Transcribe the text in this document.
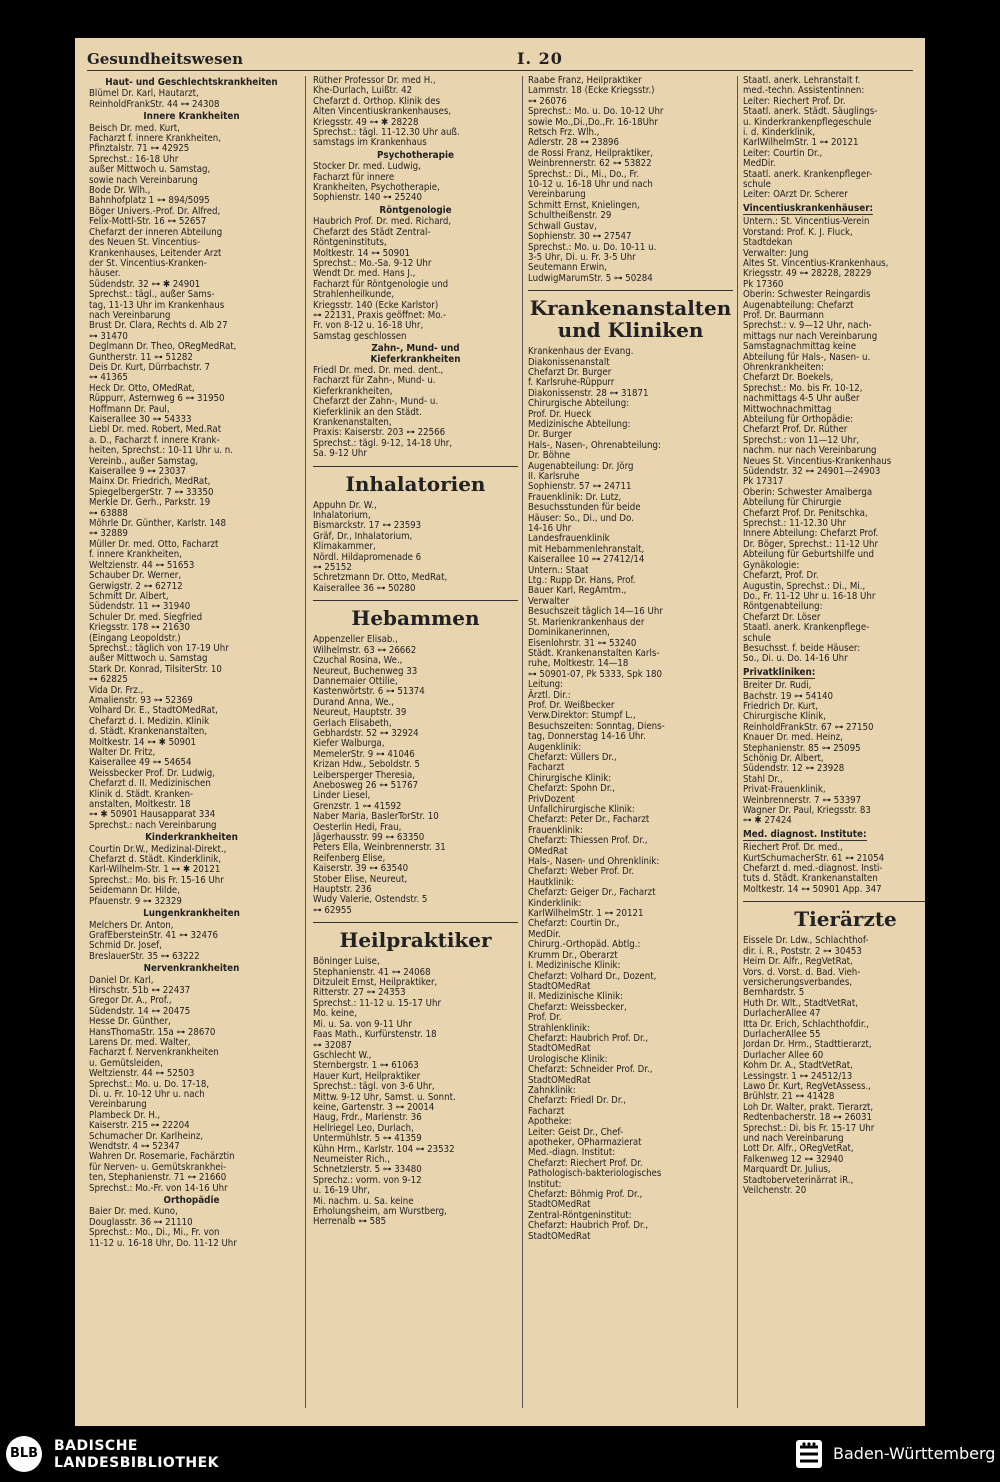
Gesundheitswesen	I. 20
Haut- und Geschlechtskrankheiten
Blümel Dr. Karl, Hautarzt,
ReinholdFrankStr. 44 ⊶ 24308
Innere Krankheiten
Beisch Dr. med. Kurt,
Facharzt f. innere Krankheiten,
Pfinztalstr. 71 ⊶ 42925
Sprechst.: 16-18 Uhr
außer Mittwoch u. Samstag,
sowie nach Vereinbarung
Bode Dr. Wlh.,
Bahnhofplatz 1 ⊶ 894/5095
Böger Univers.-Prof. Dr. Alfred,
Felix-Mottl-Str. 16 ⊶ 52657
Chefarzt der inneren Abteilung
des Neuen St. Vincentius-
Krankenhauses, Leitender Arzt
der St. Vincentius-Kranken-
häuser.
Südendstr. 32 ⊶ ✱ 24901
Sprechst.: tägl., außer Sams-
tag, 11-13 Uhr im Krankenhaus
nach Vereinbarung
Brust Dr. Clara, Rechts d. Alb 27
⊶ 31470
Deglmann Dr. Theo, ORegMedRat,
Guntherstr. 11 ⊶ 51282
Deis Dr. Kurt, Dürrbachstr. 7
⊶ 41365
Heck Dr. Otto, OMedRat,
Rüppurr, Asternweg 6 ⊶ 31950
Hoffmann Dr. Paul,
Kaiserallee 30 ⊶ 54333
Liebl Dr. med. Robert, Med.Rat
a. D., Facharzt f. innere Krank-
heiten, Sprechst.: 10-11 Uhr u. n.
Vereinb., außer Samstag,
Kaiserallee 9 ⊶ 23037
Mainx Dr. Friedrich, MedRat,
SpiegelbergerStr. 7 ⊶ 33350
Merkle Dr. Gerh., Parkstr. 19
⊶ 63888
Möhrle Dr. Günther, Karlstr. 148
⊶ 32889
Müller Dr. med. Otto, Facharzt
f. innere Krankheiten,
Weltzienstr. 44 ⊶ 51653
Schauber Dr. Werner,
Gerwigstr. 2 ⊶ 62712
Schmitt Dr. Albert,
Südendstr. 11 ⊶ 31940
Schuler Dr. med. Siegfried
Kriegsstr. 178 ⊶ 21630
(Eingang Leopoldstr.)
Sprechst.: täglich von 17-19 Uhr
außer Mittwoch u. Samstag
Stark Dr. Konrad, TilsiterStr. 10
⊶ 62825
Vida Dr. Frz.,
Amalienstr. 93 ⊶ 52369
Volhard Dr. E., StadtOMedRat,
Chefarzt d. I. Medizin. Klinik
d. Städt. Krankenanstalten,
Moltkestr. 14 ⊶ ✱ 50901
Walter Dr. Fritz,
Kaiserallee 49 ⊶ 54654
Weissbecker Prof. Dr. Ludwig,
Chefarzt d. II. Medizinischen
Klinik d. Städt. Kranken-
anstalten, Moltkestr. 18
⊶ ✱ 50901 Hausapparat 334
Sprechst.: nach Vereinbarung
Kinderkrankheiten
Courtin Dr.W., Medizinal-Direkt.,
Chefarzt d. Städt. Kinderklinik,
Karl-Wilhelm-Str. 1 ⊶ ✱ 20121
Sprechst.: Mo. bis Fr. 15-16 Uhr
Seidemann Dr. Hilde,
Pfauenstr. 9 ⊶ 32329
Lungenkrankheiten
Melchers Dr. Anton,
GrafEbersteinStr. 41 ⊶ 32476
Schmid Dr. Josef,
BreslauerStr. 35 ⊶ 63222
Nervenkrankheiten
Daniel Dr. Karl,
Hirschstr. 51b ⊶ 22437
Gregor Dr. A., Prof.,
Südendstr. 14 ⊶ 20475
Hesse Dr. Günther,
HansThomaStr. 15a ⊶ 28670
Larens Dr. med. Walter,
Facharzt f. Nervenkrankheiten
u. Gemütsleiden,
Weltzienstr. 44 ⊶ 52503
Sprechst.: Mo. u. Do. 17-18,
Di. u. Fr. 10-12 Uhr u. nach
Vereinbarung
Plambeck Dr. H.,
Kaiserstr. 215 ⊶ 22204
Schumacher Dr. Karlheinz,
Wendtstr. 4 ⊶ 52347
Wahren Dr. Rosemarie, Fachärztin
für Nerven- u. Gemütskrankhei-
ten, Stephanienstr. 71 ⊶ 21660
Sprechst.: Mo.-Fr. von 14-16 Uhr
Orthopädie
Baier Dr. med. Kuno,
Douglasstr. 36 ⊶ 21110
Sprechst.: Mo., Di., Mi., Fr. von
11-12 u. 16-18 Uhr, Do. 11-12 Uhr
Rüther Professor Dr. med H.,
Khe-Durlach, Luißtr. 42
Chefarzt d. Orthop. Klinik des
Alten Vincentiuskrankenhauses,
Kriegsstr. 49 ⊶ ✱ 28228
Sprechst.: tägl. 11-12.30 Uhr auß.
samstags im Krankenhaus
Psychotherapie
Stocker Dr. med. Ludwig,
Facharzt für innere
Krankheiten, Psychotherapie,
Sophienstr. 140 ⊶ 25240
Röntgenologie
Haubrich Prof. Dr. med. Richard,
Chefarzt des Städt Zentral-
Röntgeninstituts,
Moltkestr. 14 ⊶ 50901
Sprechst.: Mo.-Sa. 9-12 Uhr
Wendt Dr. med. Hans J.,
Facharzt für Röntgenologie und
Strahlenheilkunde,
Kriegsstr. 140 (Ecke Karlstor)
⊶ 22131, Praxis geöffnet: Mo.-
Fr. von 8-12 u. 16-18 Uhr,
Samstag geschlossen
Zahn-, Mund- und
Kieferkrankheiten
Friedl Dr. med. Dr. med. dent.,
Facharzt für Zahn-, Mund- u.
Kieferkrankheiten,
Chefarzt der Zahn-, Mund- u.
Kieferklinik an den Städt.
Krankenanstalten,
Praxis: Kaiserstr. 203 ⊶ 22566
Sprechst.: tägl. 9-12, 14-18 Uhr,
Sa. 9-12 Uhr
Inhalatorien
Appuhn Dr. W.,
Inhalatorium,
Bismarckstr. 17 ⊶ 23593
Gräf, Dr., Inhalatorium,
Klimakammer,
Nördl. Hildapromenade 6
⊶ 25152
Schretzmann Dr. Otto, MedRat,
Kaiserallee 36 ⊶ 50280
Hebammen
Appenzeller Elisab.,
Wilhelmstr. 63 ⊶ 26662
Czuchal Rosina, We.,
Neureut, Buchenweg 33
Dannemaier Ottilie,
Kastenwörtstr. 6 ⊶ 51374
Durand Anna, We.,
Neureut, Hauptstr. 39
Gerlach Elisabeth,
Gebhardstr. 52 ⊶ 32924
Kiefer Walburga,
MemelerStr. 9 ⊶ 41046
Krizan Hdw., Seboldstr. 5
Leibersperger Theresia,
Anebosweg 26 ⊶ 51767
Linder Liesel,
Grenzstr. 1 ⊶ 41592
Naber Maria, BaslerTorStr. 10
Oesterlin Hedi, Frau,
Jägerhausstr. 99 ⊶ 63350
Peters Ella, Weinbrennerstr. 31
Reifenberg Elise,
Kaiserstr. 39 ⊶ 63540
Stober Elise, Neureut,
Hauptstr. 236
Wudy Valerie, Ostendstr. 5
⊶ 62955
Heilpraktiker
Böninger Luise,
Stephanienstr. 41 ⊶ 24068
Ditzuleit Ernst, Heilpraktiker,
Ritterstr. 27 ⊶ 24353
Sprechst.: 11-12 u. 15-17 Uhr
Mo. keine,
Mi. u. Sa. von 9-11 Uhr
Faas Math., Kurfürstenstr. 18
⊶ 32087
Gschlecht W.,
Sternbergstr. 1 ⊶ 61063
Hauer Kurt, Heilpraktiker
Sprechst.: tägl. von 3-6 Uhr,
Mittw. 9-12 Uhr, Samst. u. Sonnt.
keine, Gartenstr. 3 ⊶ 20014
Haug, Frdr., Marienstr. 36
Hellriegel Leo, Durlach,
Untermühlstr. 5 ⊶ 41359
Kühn Hrm., Karlstr. 104 ⊶ 23532
Neumeister Rich.,
Schnetzlerstr. 5 ⊶ 33480
Sprechz.: vorm. von 9-12
u. 16-19 Uhr,
Mi. nachm. u. Sa. keine
Erholungsheim, am Wurstberg,
Herrenalb ⊶ 585
Raabe Franz, Heilpraktiker
Lammstr. 18 (Ecke Kriegsstr.)
⊶ 26076
Sprechst.: Mo. u. Do. 10-12 Uhr
sowie Mo.,Di.,Do.,Fr. 16-18Uhr
Retsch Frz. Wlh.,
Adlerstr. 28 ⊶ 23896
de Rossi Franz, Heilpraktiker,
Weinbrennerstr. 62 ⊶ 53822
Sprechst.: Di., Mi., Do., Fr.
10-12 u. 16-18 Uhr und nach
Vereinbarung
Schmitt Ernst, Knielingen,
Schultheißenstr. 29
Schwall Gustav,
Sophienstr. 30 ⊶ 27547
Sprechst.: Mo. u. Do. 10-11 u.
3-5 Uhr, Di. u. Fr. 3-5 Uhr
Seutemann Erwin,
LudwigMarumStr. 5 ⊶ 50284
Krankenanstalten
und Kliniken
Krankenhaus der Evang.
Diakonissenanstalt
Chefarzt Dr. Burger
f. Karlsruhe-Rüppurr
Diakonissenstr. 28 ⊶ 31871
Chirurgische Abteilung:
Prof. Dr. Hueck
Medizinische Abteilung:
Dr. Burger
Hals-, Nasen-, Ohrenabteilung:
Dr. Böhne
Augenabteilung: Dr. Jörg
II. Karlsruhe
Sophienstr. 57 ⊶ 24711
Frauenklinik: Dr. Lutz,
Besuchsstunden für beide
Häuser: So., Di., und Do.
14-16 Uhr
Landesfrauenklinik
mit Hebammenlehranstalt,
Kaiserallee 10 ⊶ 27412/14
Untern.: Staat
Ltg.: Rupp Dr. Hans, Prof.
Bauer Karl, RegAmtm.,
Verwalter
Besuchszeit täglich 14—16 Uhr
St. Marienkrankenhaus der
Dominikanerinnen,
Eisenlohrstr. 31 ⊶ 53240
Städt. Krankenanstalten Karls-
ruhe, Moltkestr. 14—18
⊶ 50901-07, Pk 5333, Spk 180
Leitung:
Ärztl. Dir.:
Prof. Dr. Weißbecker
Verw.Direktor: Stumpf L.,
Besuchszeiten: Sonntag, Diens-
tag, Donnerstag 14-16 Uhr.
Augenklinik:
Chefarzt: Vüllers Dr.,
Facharzt
Chirurgische Klinik:
Chefarzt: Spohn Dr.,
PrivDozent
Unfallchirurgische Klinik:
Chefarzt: Peter Dr., Facharzt
Frauenklinik:
Chefarzt: Thiessen Prof. Dr.,
OMedRat
Hals-, Nasen- und Ohrenklinik:
Chefarzt: Weber Prof. Dr.
Hautklinik:
Chefarzt: Geiger Dr., Facharzt
Kinderklinik:
KarlWilhelmStr. 1 ⊶ 20121
Chefarzt: Courtin Dr.,
MedDir.
Chirurg.-Orthopäd. Abtlg.:
Krumm Dr., Oberarzt
I. Medizinische Klinik:
Chefarzt: Volhard Dr., Dozent,
StadtOMedRat
II. Medizinische Klinik:
Chefarzt: Weissbecker,
Prof. Dr.
Strahlenklinik:
Chefarzt: Haubrich Prof. Dr.,
StadtOMedRat
Urologische Klinik:
Chefarzt: Schneider Prof. Dr.,
StadtOMedRat
Zahnklinik:
Chefarzt: Friedl Dr. Dr.,
Facharzt
Apotheke:
Leiter: Geist Dr., Chef-
apotheker, OPharmazierat
Med.-diagn. Institut:
Chefarzt: Riechert Prof. Dr.
Pathologisch-bakteriologisches
Institut:
Chefarzt: Böhmig Prof. Dr.,
StadtOMedRat
Zentral-Röntgeninstitut:
Chefarzt: Haubrich Prof. Dr.,
StadtOMedRat
Staatl. anerk. Lehranstalt f.
med.-techn. Assistentinnen:
Leiter: Riechert Prof. Dr.
Staatl. anerk. Städt. Säuglings-
u. Kinderkrankenpflegeschule
i. d. Kinderklinik,
KarlWilhelmStr. 1 ⊶ 20121
Leiter: Courtin Dr.,
MedDir.
Staatl. anerk. Krankenpfleger-
schule
Leiter: OArzt Dr. Scherer
Vincentiuskrankenhäuser:
Untern.: St. Vincentius-Verein
Vorstand: Prof. K. J. Fluck,
Stadtdekan
Verwalter: Jung
Altes St. Vincentius-Krankenhaus,
Kriegsstr. 49 ⊶ 28228, 28229
Pk 17360
Oberin: Schwester Reingardis
Augenabteilung: Chefarzt
Prof. Dr. Baurmann
Sprechst.: v. 9—12 Uhr, nach-
mittags nur nach Vereinbarung
Samstagnachmittag keine
Abteilung für Hals-, Nasen- u.
Ohrenkrankheiten:
Chefarzt Dr. Boekels,
Sprechst.: Mo. bis Fr. 10-12,
nachmittags 4-5 Uhr außer
Mittwochnachmittag
Abteilung für Orthopädie:
Chefarzt Prof. Dr. Rüther
Sprechst.: von 11—12 Uhr,
nachm. nur nach Vereinbarung
Neues St. Vincentius-Krankenhaus
Südendstr. 32 ⊶ 24901—24903
Pk 17317
Oberin: Schwester Amalberga
Abteilung für Chirurgie
Chefarzt Prof. Dr. Penitschka,
Sprechst.: 11-12.30 Uhr
Innere Abteilung: Chefarzt Prof.
Dr. Böger, Sprechst.: 11-12 Uhr
Abteilung für Geburtshilfe und
Gynäkologie:
Chefarzt, Prof. Dr.
Augustin, Sprechst.: Di., Mi.,
Do., Fr. 11-12 Uhr u. 16-18 Uhr
Röntgenabteilung:
Chefarzt Dr. Löser
Staatl. anerk. Krankenpflege-
schule
Besuchsst. f. beide Häuser:
So., Di. u. Do. 14-16 Uhr
Privatkliniken:
Breiter Dr. Rudi,
Bachstr. 19 ⊶ 54140
Friedrich Dr. Kurt,
Chirurgische Klinik,
ReinholdFrankStr. 67 ⊶ 27150
Knauer Dr. med. Heinz,
Stephanienstr. 85 ⊶ 25095
Schönig Dr. Albert,
Südendstr. 12 ⊶ 23928
Stahl Dr.,
Privat-Frauenklinik,
Weinbrennerstr. 7 ⊶ 53397
Wagner Dr. Paul, Kriegsstr. 83
⊶ ✱ 27424
Med. diagnost. Institute:
Riechert Prof. Dr. med.,
KurtSchumacherStr. 61 ⊶ 21054
Chefarzt d. med.-diagnost. Insti-
tuts d. Städt. Krankenanstalten
Moltkestr. 14 ⊶ 50901 App. 347
Tierärzte
Eissele Dr. Ldw., Schlachthof-
dir. i. R., Poststr. 2 ⊶ 30453
Heim Dr. Alfr., RegVetRat,
Vors. d. Vorst. d. Bad. Vieh-
versicherungsverbandes,
Bernhardstr. 5
Huth Dr. Wlt., StadtVetRat,
DurlacherAllee 47
Itta Dr. Erich, Schlachthofdir.,
DurlacherAllee 55
Jordan Dr. Hrm., Stadttierarzt,
Durlacher Allee 60
Kohm Dr. A., StadtVetRat,
Lessingstr. 1 ⊶ 24512/13
Lawo Dr. Kurt, RegVetAssess.,
Brühlstr. 21 ⊶ 41428
Loh Dr. Walter, prakt. Tierarzt,
Redtenbacherstr. 18 ⊶ 26031
Sprechst.: Di. bis Fr. 15-17 Uhr
und nach Vereinbarung
Lott Dr. Alfr., ORegVetRat,
Falkenweg 12 ⊶ 32940
Marquardt Dr. Julius,
Stadtoberveterinärrat iR.,
Veilchenstr. 20
BLB BADISCHE
LANDESBIBLIOTHEK	Baden-Württemberg
